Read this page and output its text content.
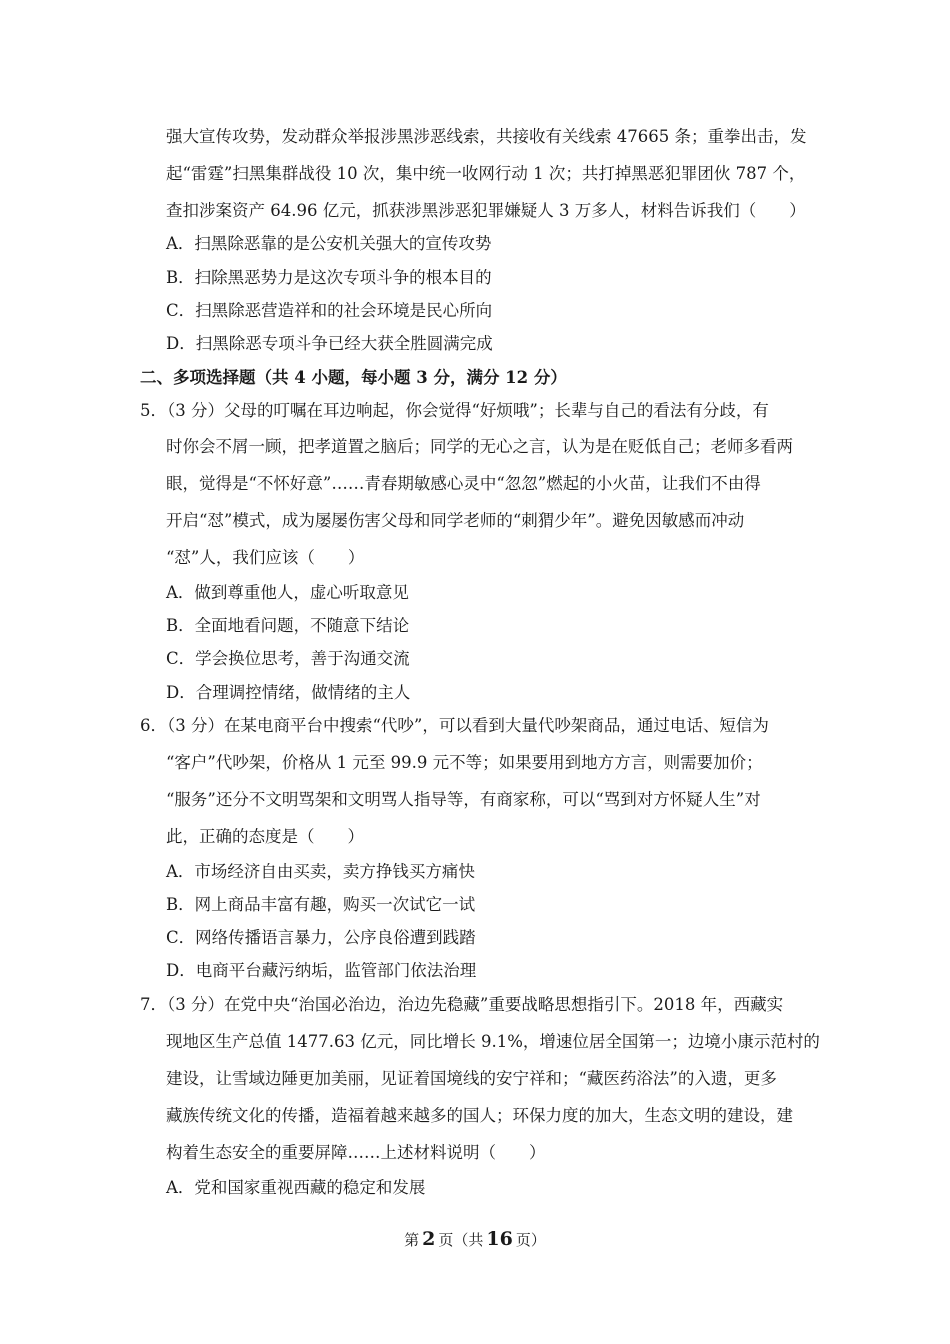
强大宣传攻势，发动群众举报涉黑涉恶线索，共接收有关线索 47665 条；重拳出击，发
起“雷霆”扫黑集群战役 10 次，集中统一收网行动 1 次；共打掉黑恶犯罪团伙 787 个，
查扣涉案资产 64.96 亿元，抓获涉黑涉恶犯罪嫌疑人 3 万多人，材料告诉我们（　　）
A．扫黑除恶靠的是公安机关强大的宣传攻势
B．扫除黑恶势力是这次专项斗争的根本目的
C．扫黑除恶营造祥和的社会环境是民心所向
D．扫黑除恶专项斗争已经大获全胜圆满完成
二、多项选择题（共 4 小题，每小题 3 分，满分 12 分）
5．（3 分）父母的叮嘱在耳边响起，你会觉得“好烦哦”；长辈与自己的看法有分歧，有
时你会不屑一顾，把孝道置之脑后；同学的无心之言，认为是在贬低自己；老师多看两
眼，觉得是“不怀好意”……青春期敏感心灵中“忽忽”燃起的小火苗，让我们不由得
开启“怼”模式，成为屡屡伤害父母和同学老师的“刺猬少年”。避免因敏感而冲动
“怼”人，我们应该（　　）
A．做到尊重他人，虚心听取意见
B．全面地看问题，不随意下结论
C．学会换位思考，善于沟通交流
D．合理调控情绪，做情绪的主人
6．（3 分）在某电商平台中搜索“代吵”，可以看到大量代吵架商品，通过电话、短信为
“客户”代吵架，价格从 1 元至 99.9 元不等；如果要用到地方方言，则需要加价；
“服务”还分不文明骂架和文明骂人指导等，有商家称，可以“骂到对方怀疑人生”对
此，正确的态度是（　　）
A．市场经济自由买卖，卖方挣钱买方痛快
B．网上商品丰富有趣，购买一次试它一试
C．网络传播语言暴力，公序良俗遭到践踏
D．电商平台藏污纳垢，监管部门依法治理
7．（3 分）在党中央“治国必治边，治边先稳藏”重要战略思想指引下。2018 年，西藏实
现地区生产总值 1477.63 亿元，同比增长 9.1%，增速位居全国第一；边境小康示范村的
建设，让雪域边陲更加美丽，见证着国境线的安宁祥和；“藏医药浴法”的入遗，更多
藏族传统文化的传播，造福着越来越多的国人；环保力度的加大，生态文明的建设，建
构着生态安全的重要屏障……上述材料说明（　　）
A．党和国家重视西藏的稳定和发展
第 2 页（共 16 页）
